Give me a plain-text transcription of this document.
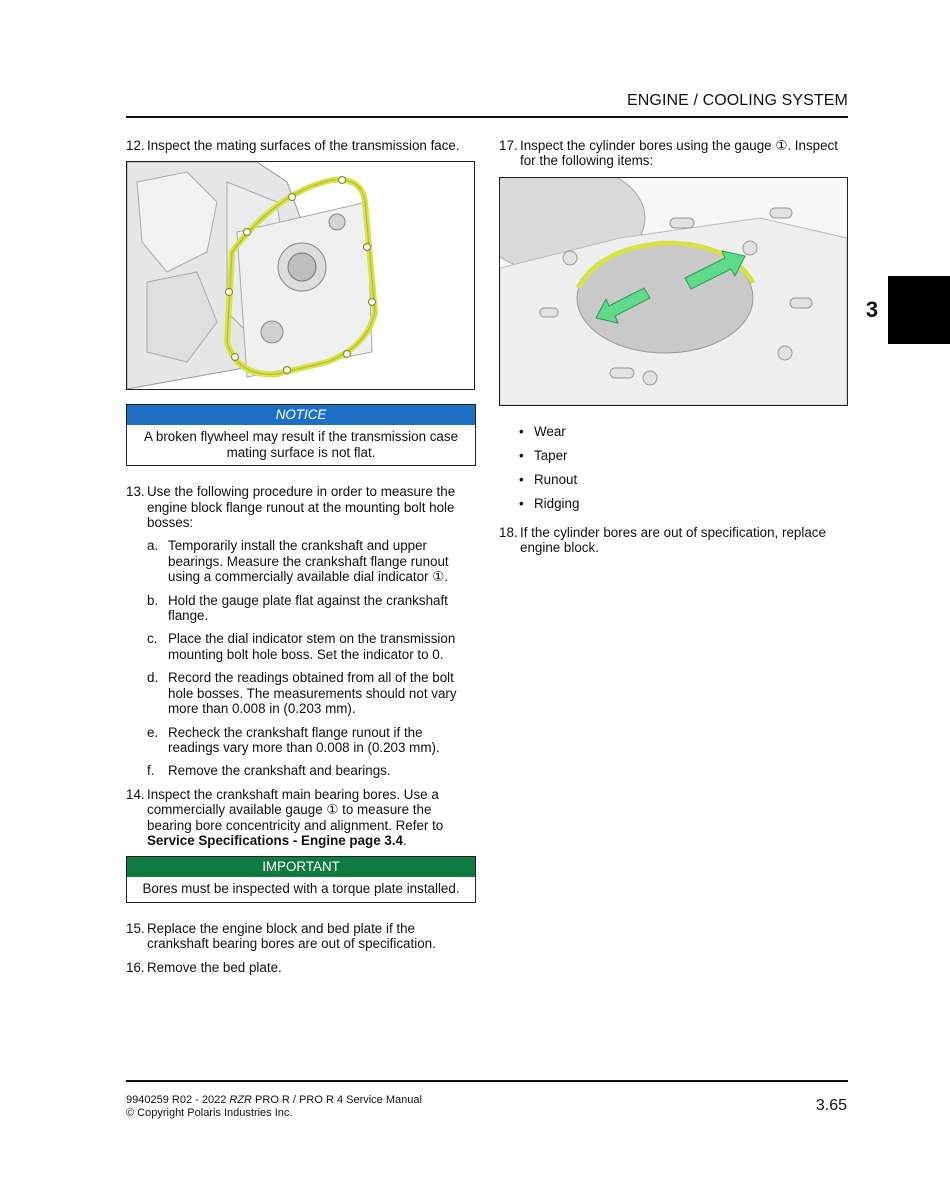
ENGINE / COOLING SYSTEM
3
12. Inspect the mating surfaces of the transmission face.
NOTICE
A broken flywheel may result if the transmission case mating surface is not flat.
13. Use the following procedure in order to measure the engine block flange runout at the mounting bolt hole bosses:
a. Temporarily install the crankshaft and upper bearings. Measure the crankshaft flange runout using a commercially available dial indicator ①.
b. Hold the gauge plate flat against the crankshaft flange.
c. Place the dial indicator stem on the transmission mounting bolt hole boss. Set the indicator to 0.
d. Record the readings obtained from all of the bolt hole bosses. The measurements should not vary more than 0.008 in (0.203 mm).
e. Recheck the crankshaft flange runout if the readings vary more than 0.008 in (0.203 mm).
f.	Remove the crankshaft and bearings.
14. Inspect the crankshaft main bearing bores. Use a commercially available gauge ① to measure the bearing bore concentricity and alignment. Refer to Service Specifications - Engine page 3.4.
IMPORTANT
Bores must be inspected with a torque plate installed.
15. Replace the engine block and bed plate if the crankshaft bearing bores are out of specification.
16. Remove the bed plate.
17. Inspect the cylinder bores using the gauge ①. Inspect for the following items:
• Wear
• Taper
• Runout
• Ridging
18. If the cylinder bores are out of specification, replace engine block.
9940259 R02 - 2022 RZR PRO R / PRO R 4 Service Manual
© Copyright Polaris Industries Inc.	3.65
